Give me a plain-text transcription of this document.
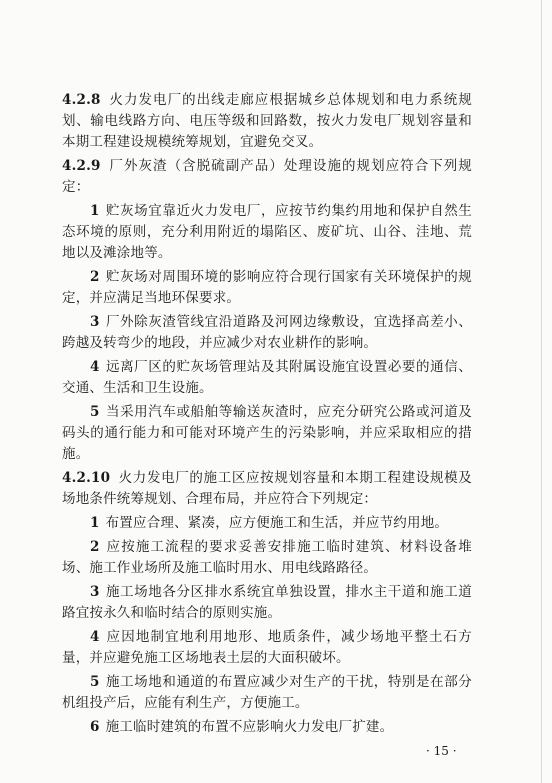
4.2.8 火力发电厂的出线走廊应根据城乡总体规划和电力系统规划、输电线路方向、电压等级和回路数，按火力发电厂规划容量和本期工程建设规模统筹规划，宜避免交叉。

4.2.9 厂外灰渣（含脱硫副产品）处理设施的规划应符合下列规定：

1 贮灰场宜靠近火力发电厂，应按节约集约用地和保护自然生态环境的原则，充分利用附近的塌陷区、废矿坑、山谷、洼地、荒地以及滩涂地等。

2 贮灰场对周围环境的影响应符合现行国家有关环境保护的规定，并应满足当地环保要求。

3 厂外除灰渣管线宜沿道路及河网边缘敷设，宜选择高差小、跨越及转弯少的地段，并应减少对农业耕作的影响。

4 远离厂区的贮灰场管理站及其附属设施宜设置必要的通信、交通、生活和卫生设施。

5 当采用汽车或船舶等输送灰渣时，应充分研究公路或河道及码头的通行能力和可能对环境产生的污染影响，并应采取相应的措施。

4.2.10 火力发电厂的施工区应按规划容量和本期工程建设规模及场地条件统筹规划、合理布局，并应符合下列规定：

1 布置应合理、紧凑，应方便施工和生活，并应节约用地。

2 应按施工流程的要求妥善安排施工临时建筑、材料设备堆场、施工作业场所及施工临时用水、用电线路路径。

3 施工场地各分区排水系统宜单独设置，排水主干道和施工道路宜按永久和临时结合的原则实施。

4 应因地制宜地利用地形、地质条件，减少场地平整土石方量，并应避免施工区场地表土层的大面积破坏。

5 施工场地和通道的布置应减少对生产的干扰，特别是在部分机组投产后，应能有利生产，方便施工。

6 施工临时建筑的布置不应影响火力发电厂扩建。

· 15 ·
